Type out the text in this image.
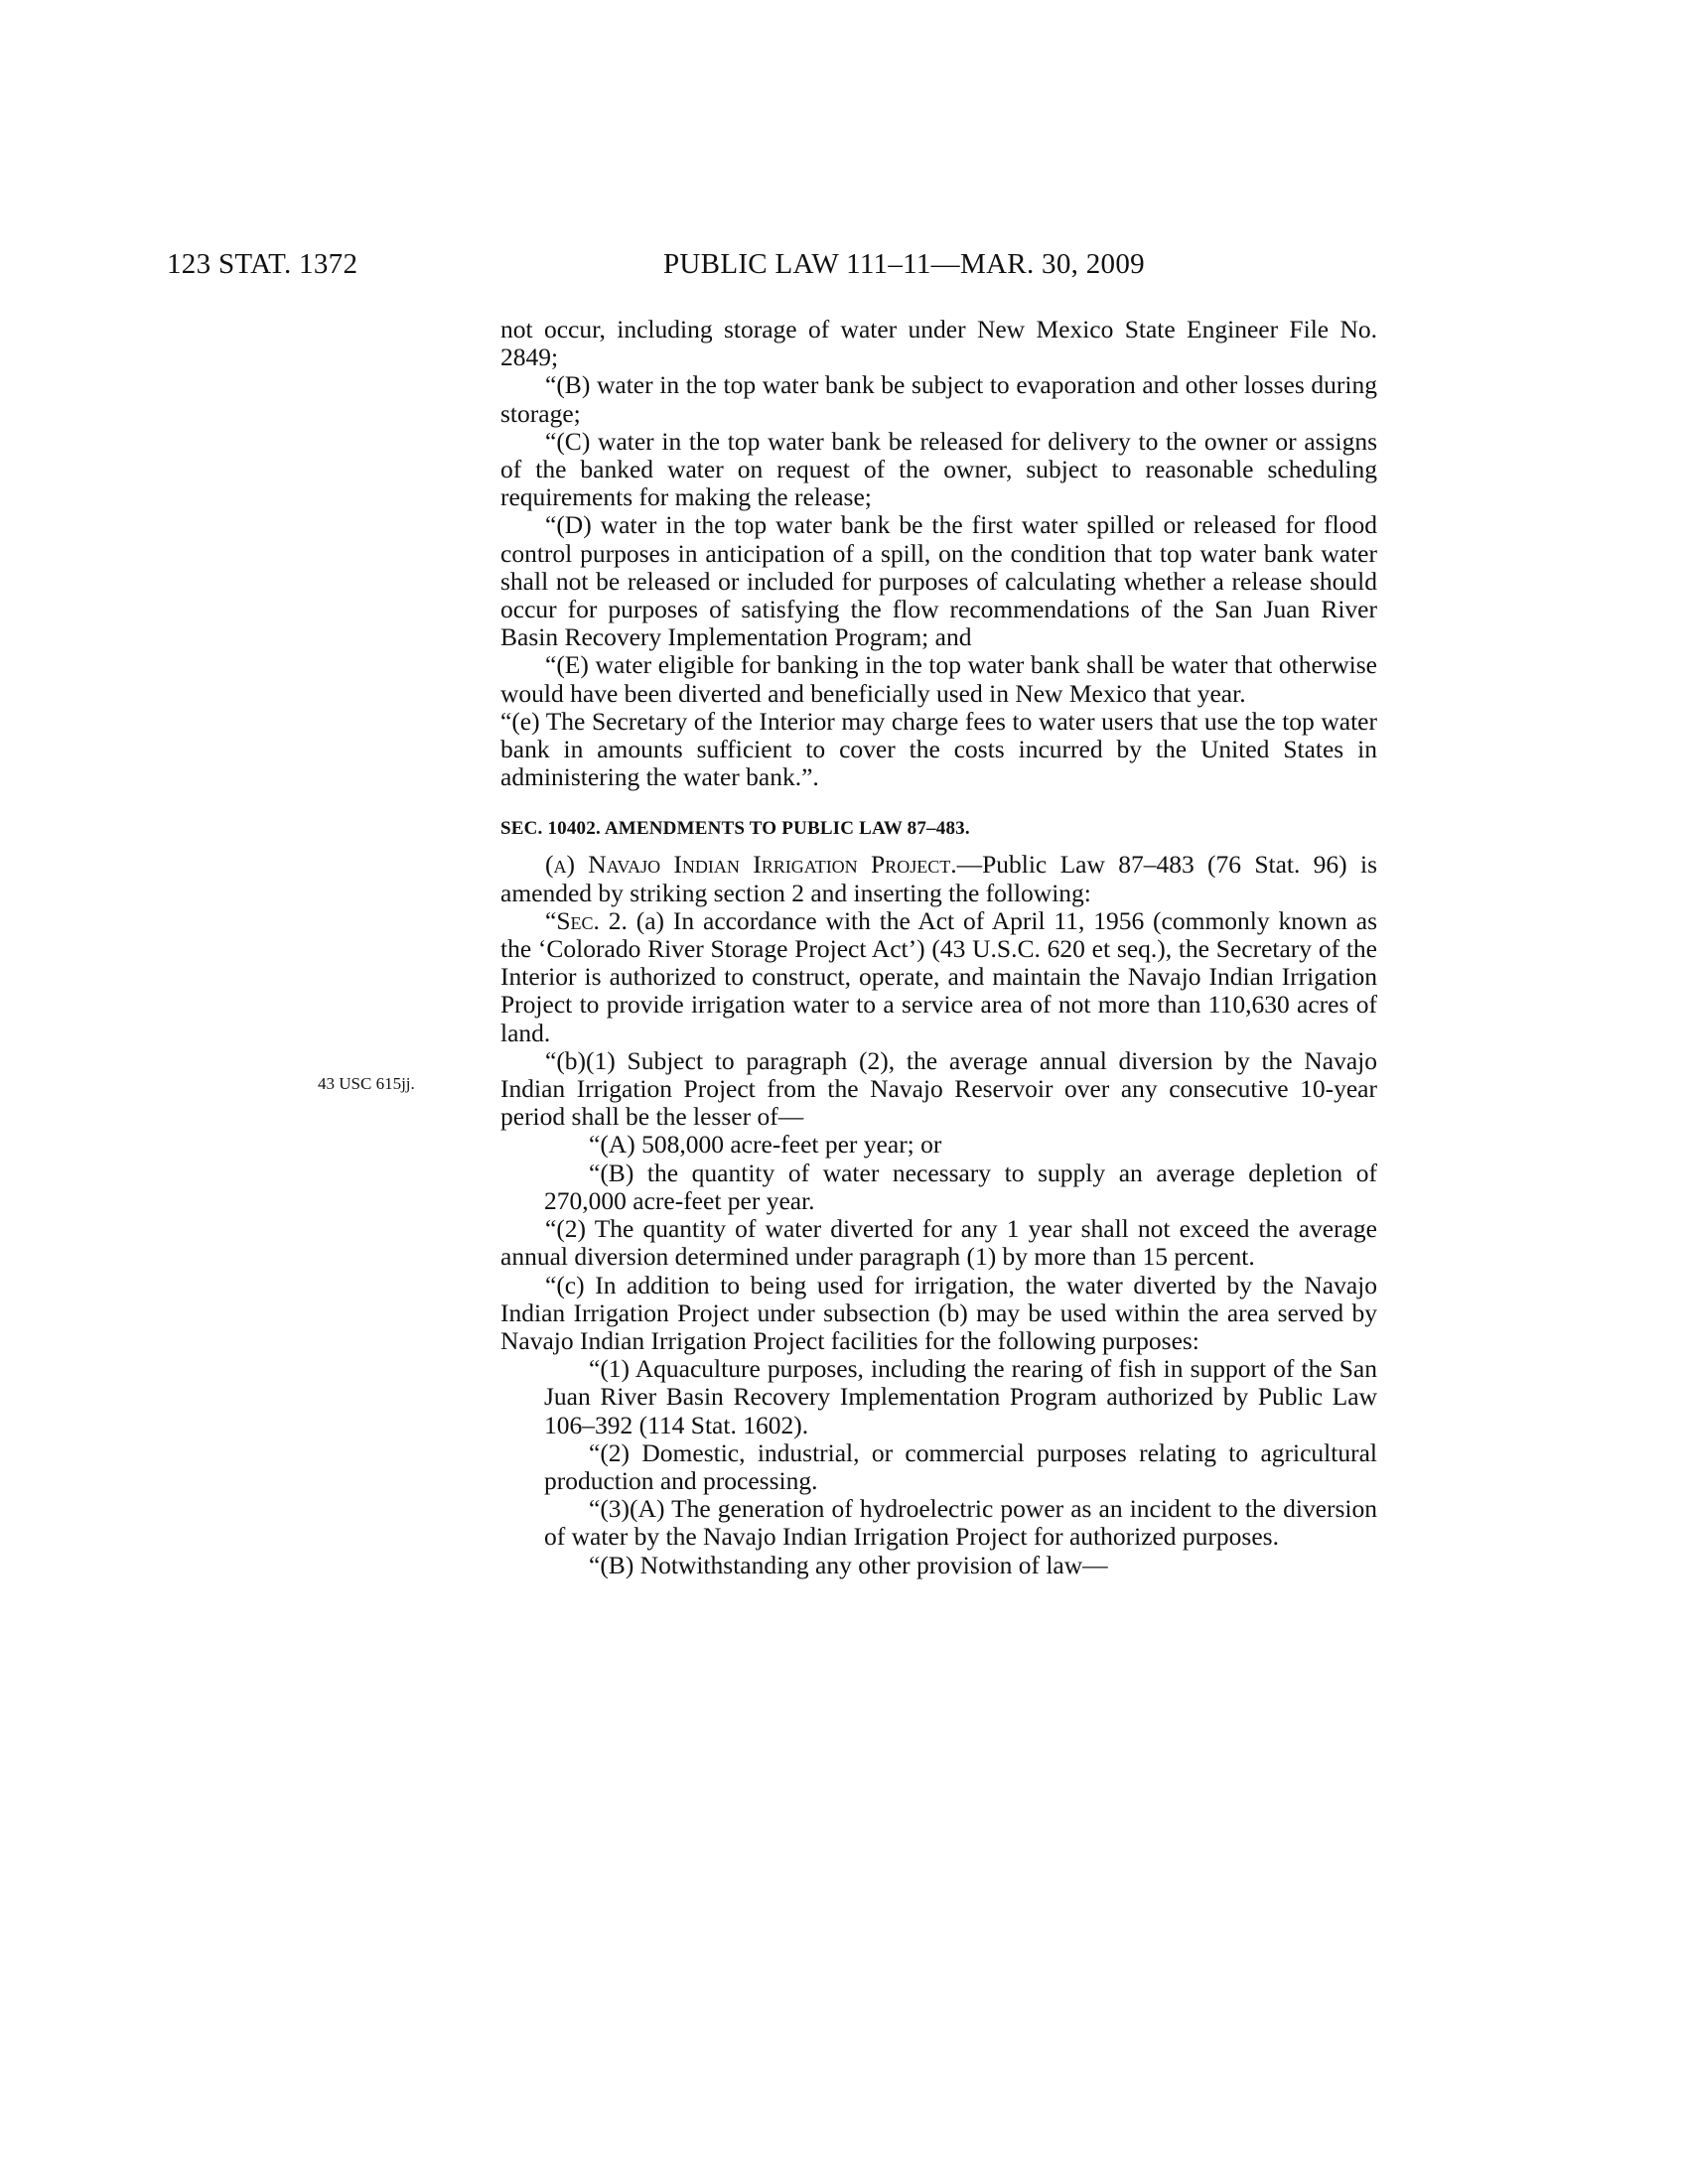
123 STAT. 1372	PUBLIC LAW 111–11—MAR. 30, 2009
43 USC 615jj.

not occur, including storage of water under New Mexico State Engineer File No. 2849;

“(B) water in the top water bank be subject to evaporation and other losses during storage;

“(C) water in the top water bank be released for delivery to the owner or assigns of the banked water on request of the owner, subject to reasonable scheduling requirements for making the release;

“(D) water in the top water bank be the first water spilled or released for flood control purposes in anticipation of a spill, on the condition that top water bank water shall not be released or included for purposes of calculating whether a release should occur for purposes of satisfying the flow recommendations of the San Juan River Basin Recovery Implementation Program; and

“(E) water eligible for banking in the top water bank shall be water that otherwise would have been diverted and beneficially used in New Mexico that year.

“(e) The Secretary of the Interior may charge fees to water users that use the top water bank in amounts sufficient to cover the costs incurred by the United States in administering the water bank.”.

SEC. 10402. AMENDMENTS TO PUBLIC LAW 87–483.

(a) Navajo Indian Irrigation Project.—Public Law 87–483 (76 Stat. 96) is amended by striking section 2 and inserting the following:

“Sec. 2. (a) In accordance with the Act of April 11, 1956 (commonly known as the ‘Colorado River Storage Project Act’) (43 U.S.C. 620 et seq.), the Secretary of the Interior is authorized to construct, operate, and maintain the Navajo Indian Irrigation Project to provide irrigation water to a service area of not more than 110,630 acres of land.

“(b)(1) Subject to paragraph (2), the average annual diversion by the Navajo Indian Irrigation Project from the Navajo Reservoir over any consecutive 10-year period shall be the lesser of—

“(A) 508,000 acre-feet per year; or

“(B) the quantity of water necessary to supply an average depletion of 270,000 acre-feet per year.

“(2) The quantity of water diverted for any 1 year shall not exceed the average annual diversion determined under paragraph (1) by more than 15 percent.

“(c) In addition to being used for irrigation, the water diverted by the Navajo Indian Irrigation Project under subsection (b) may be used within the area served by Navajo Indian Irrigation Project facilities for the following purposes:

“(1) Aquaculture purposes, including the rearing of fish in support of the San Juan River Basin Recovery Implementation Program authorized by Public Law 106–392 (114 Stat. 1602).

“(2) Domestic, industrial, or commercial purposes relating to agricultural production and processing.

“(3)(A) The generation of hydroelectric power as an incident to the diversion of water by the Navajo Indian Irrigation Project for authorized purposes.

“(B) Notwithstanding any other provision of law—
